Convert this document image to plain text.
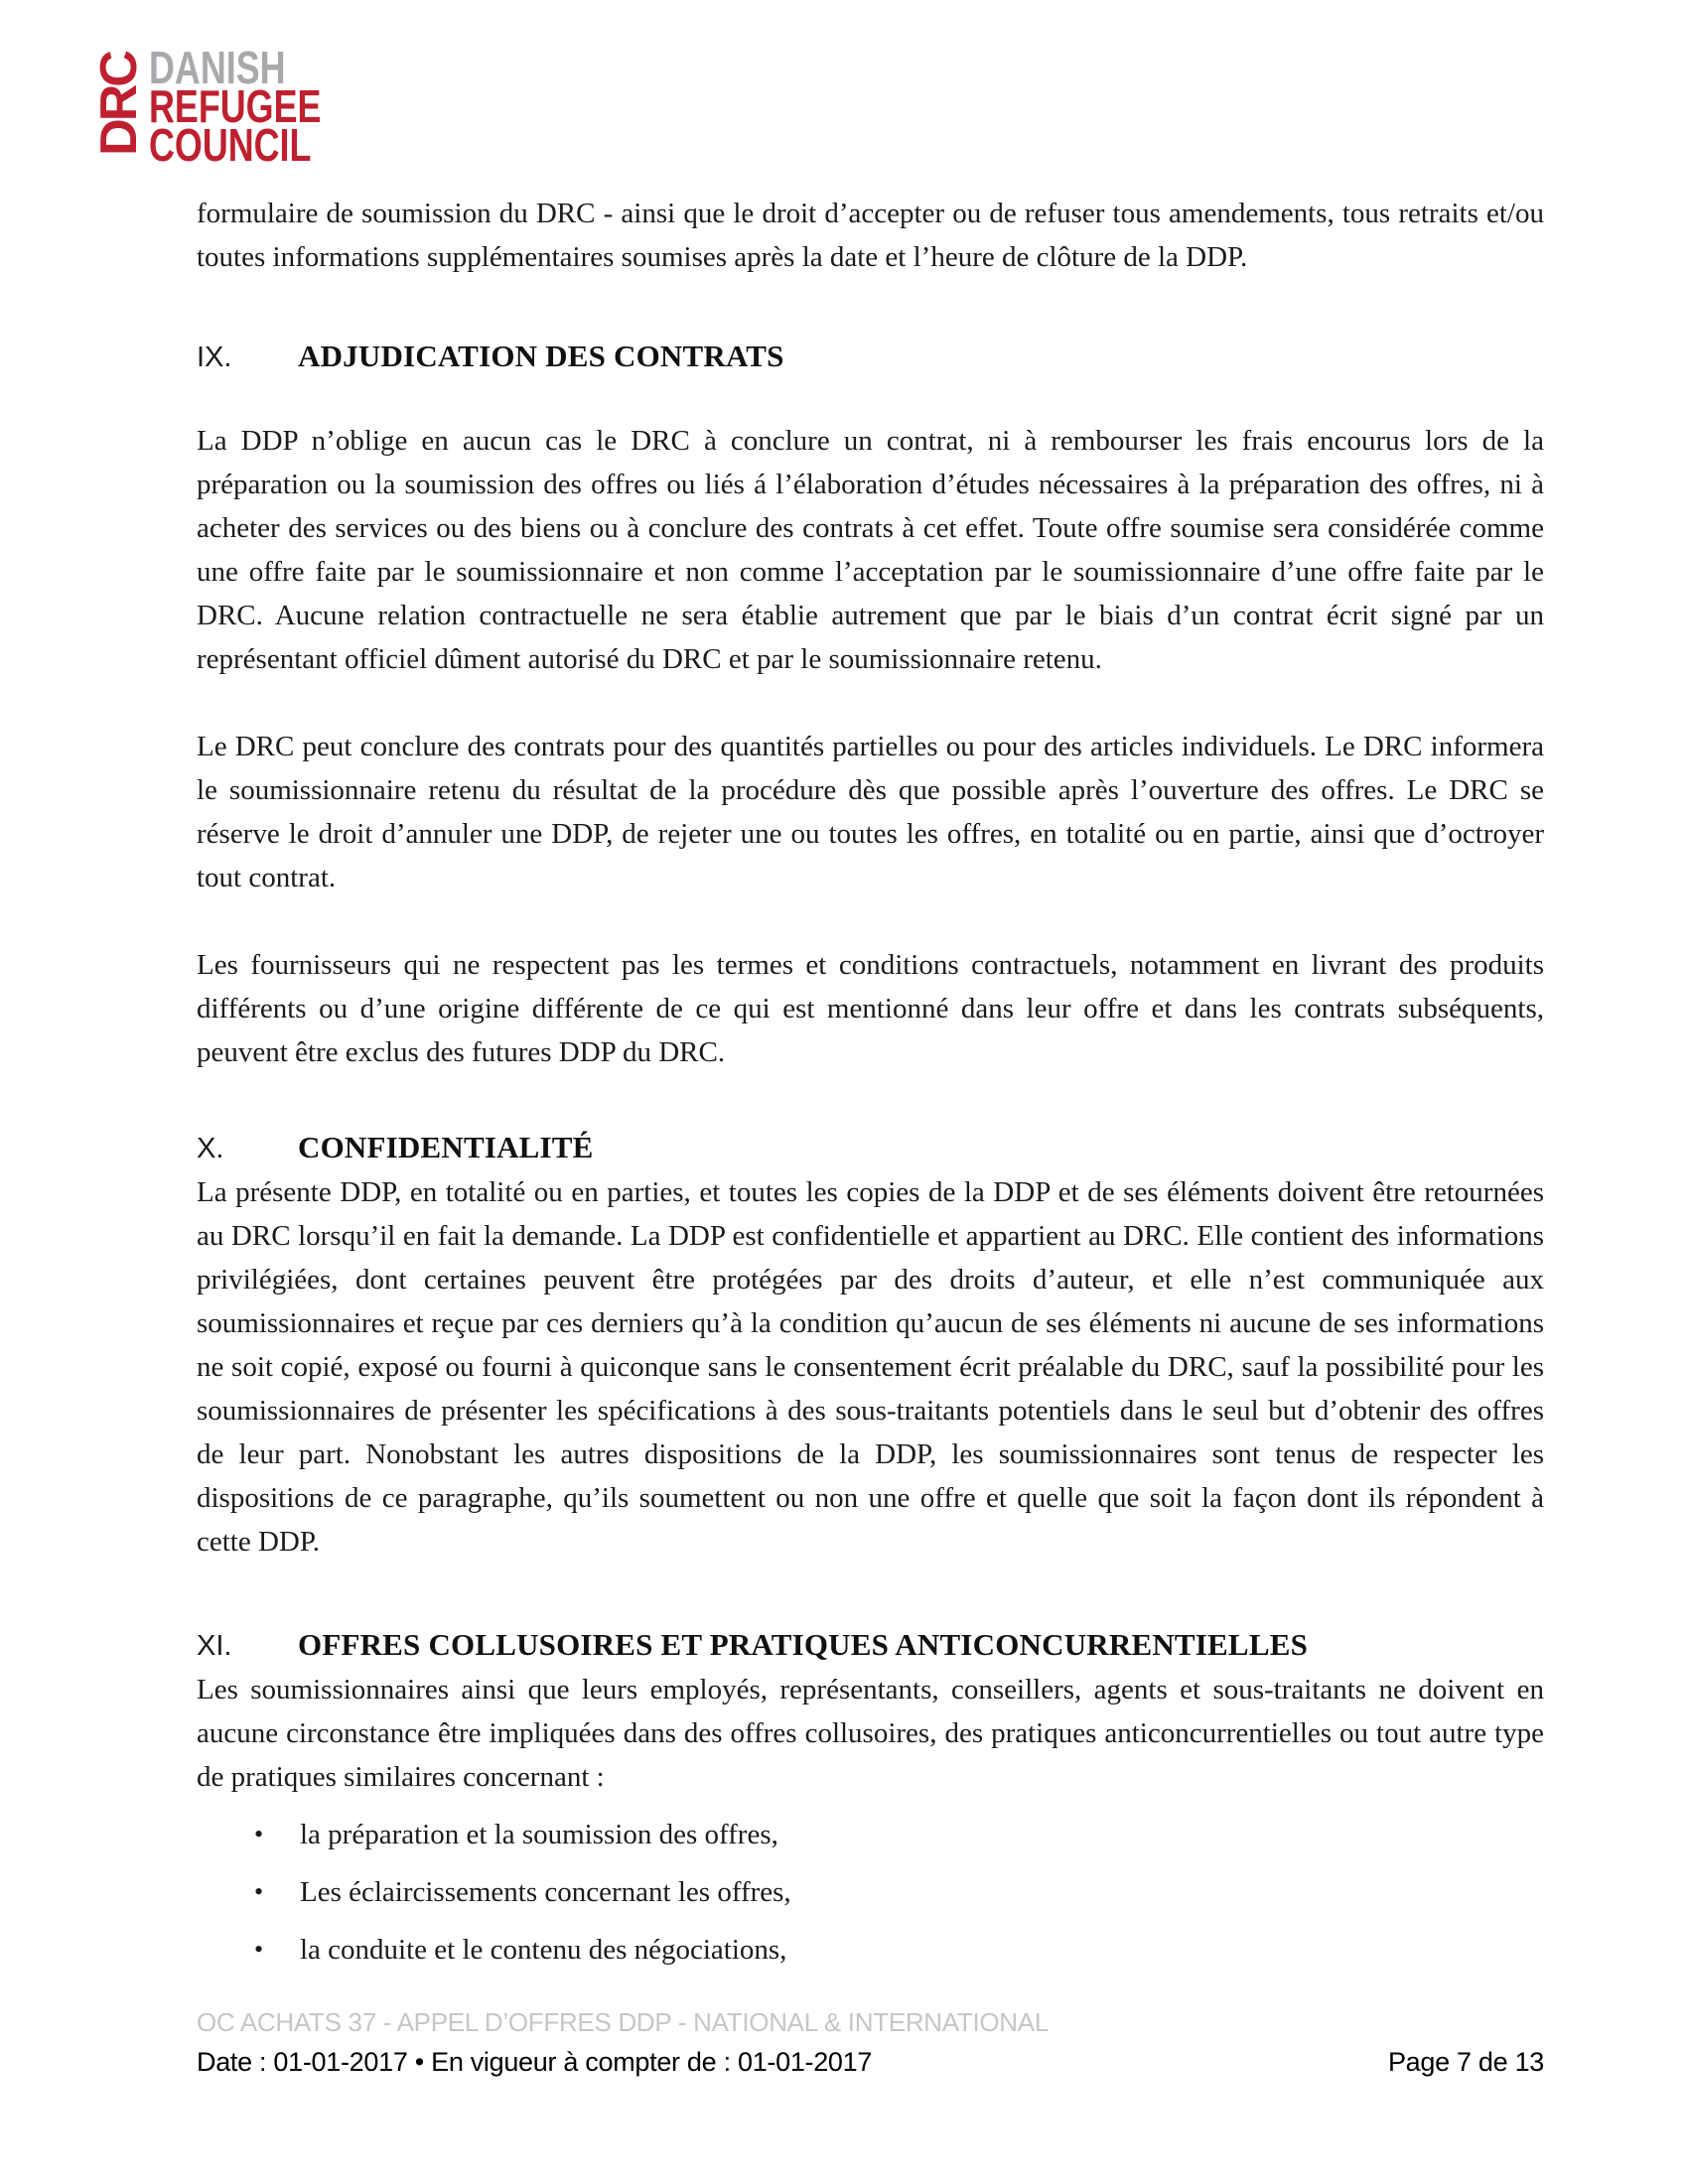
DRC DANISH
REFUGEE
COUNCIL

formulaire de soumission du DRC - ainsi que le droit d’accepter ou de refuser tous amendements, tous retraits et/ou toutes informations supplémentaires soumises après la date et l’heure de clôture de la DDP.

IX.	ADJUDICATION DES CONTRATS

La DDP n’oblige en aucun cas le DRC à conclure un contrat, ni à rembourser les frais encourus lors de la préparation ou la soumission des offres ou liés á l’élaboration d’études nécessaires à la préparation des offres, ni à acheter des services ou des biens ou à conclure des contrats à cet effet. Toute offre soumise sera considérée comme une offre faite par le soumissionnaire et non comme l’acceptation par le soumissionnaire d’une offre faite par le DRC. Aucune relation contractuelle ne sera établie autrement que par le biais d’un contrat écrit signé par un représentant officiel dûment autorisé du DRC et par le soumissionnaire retenu.

Le DRC peut conclure des contrats pour des quantités partielles ou pour des articles individuels. Le DRC informera le soumissionnaire retenu du résultat de la procédure dès que possible après l’ouverture des offres. Le DRC se réserve le droit d’annuler une DDP, de rejeter une ou toutes les offres, en totalité ou en partie, ainsi que d’octroyer tout contrat.

Les fournisseurs qui ne respectent pas les termes et conditions contractuels, notamment en livrant des produits différents ou d’une origine différente de ce qui est mentionné dans leur offre et dans les contrats subséquents, peuvent être exclus des futures DDP du DRC.

X.	CONFIDENTIALITÉ

La présente DDP, en totalité ou en parties, et toutes les copies de la DDP et de ses éléments doivent être retournées au DRC lorsqu’il en fait la demande. La DDP est confidentielle et appartient au DRC. Elle contient des informations privilégiées, dont certaines peuvent être protégées par des droits d’auteur, et elle n’est communiquée aux soumissionnaires et reçue par ces derniers qu’à la condition qu’aucun de ses éléments ni aucune de ses informations ne soit copié, exposé ou fourni à quiconque sans le consentement écrit préalable du DRC, sauf la possibilité pour les soumissionnaires de présenter les spécifications à des sous-traitants potentiels dans le seul but d’obtenir des offres de leur part. Nonobstant les autres dispositions de la DDP, les soumissionnaires sont tenus de respecter les dispositions de ce paragraphe, qu’ils soumettent ou non une offre et quelle que soit la façon dont ils répondent à cette DDP.

XI.	OFFRES COLLUSOIRES ET PRATIQUES ANTICONCURRENTIELLES

Les soumissionnaires ainsi que leurs employés, représentants, conseillers, agents et sous-traitants ne doivent en aucune circonstance être impliquées dans des offres collusoires, des pratiques anticoncurrentielles ou tout autre type de pratiques similaires concernant :

•	la préparation et la soumission des offres,
•	Les éclaircissements concernant les offres,
•	la conduite et le contenu des négociations,
OC ACHATS 37 - APPEL D’OFFRES DDP - NATIONAL & INTERNATIONAL
Date : 01-01-2017 • En vigueur à compter de : 01-01-2017	Page 7 de 13
